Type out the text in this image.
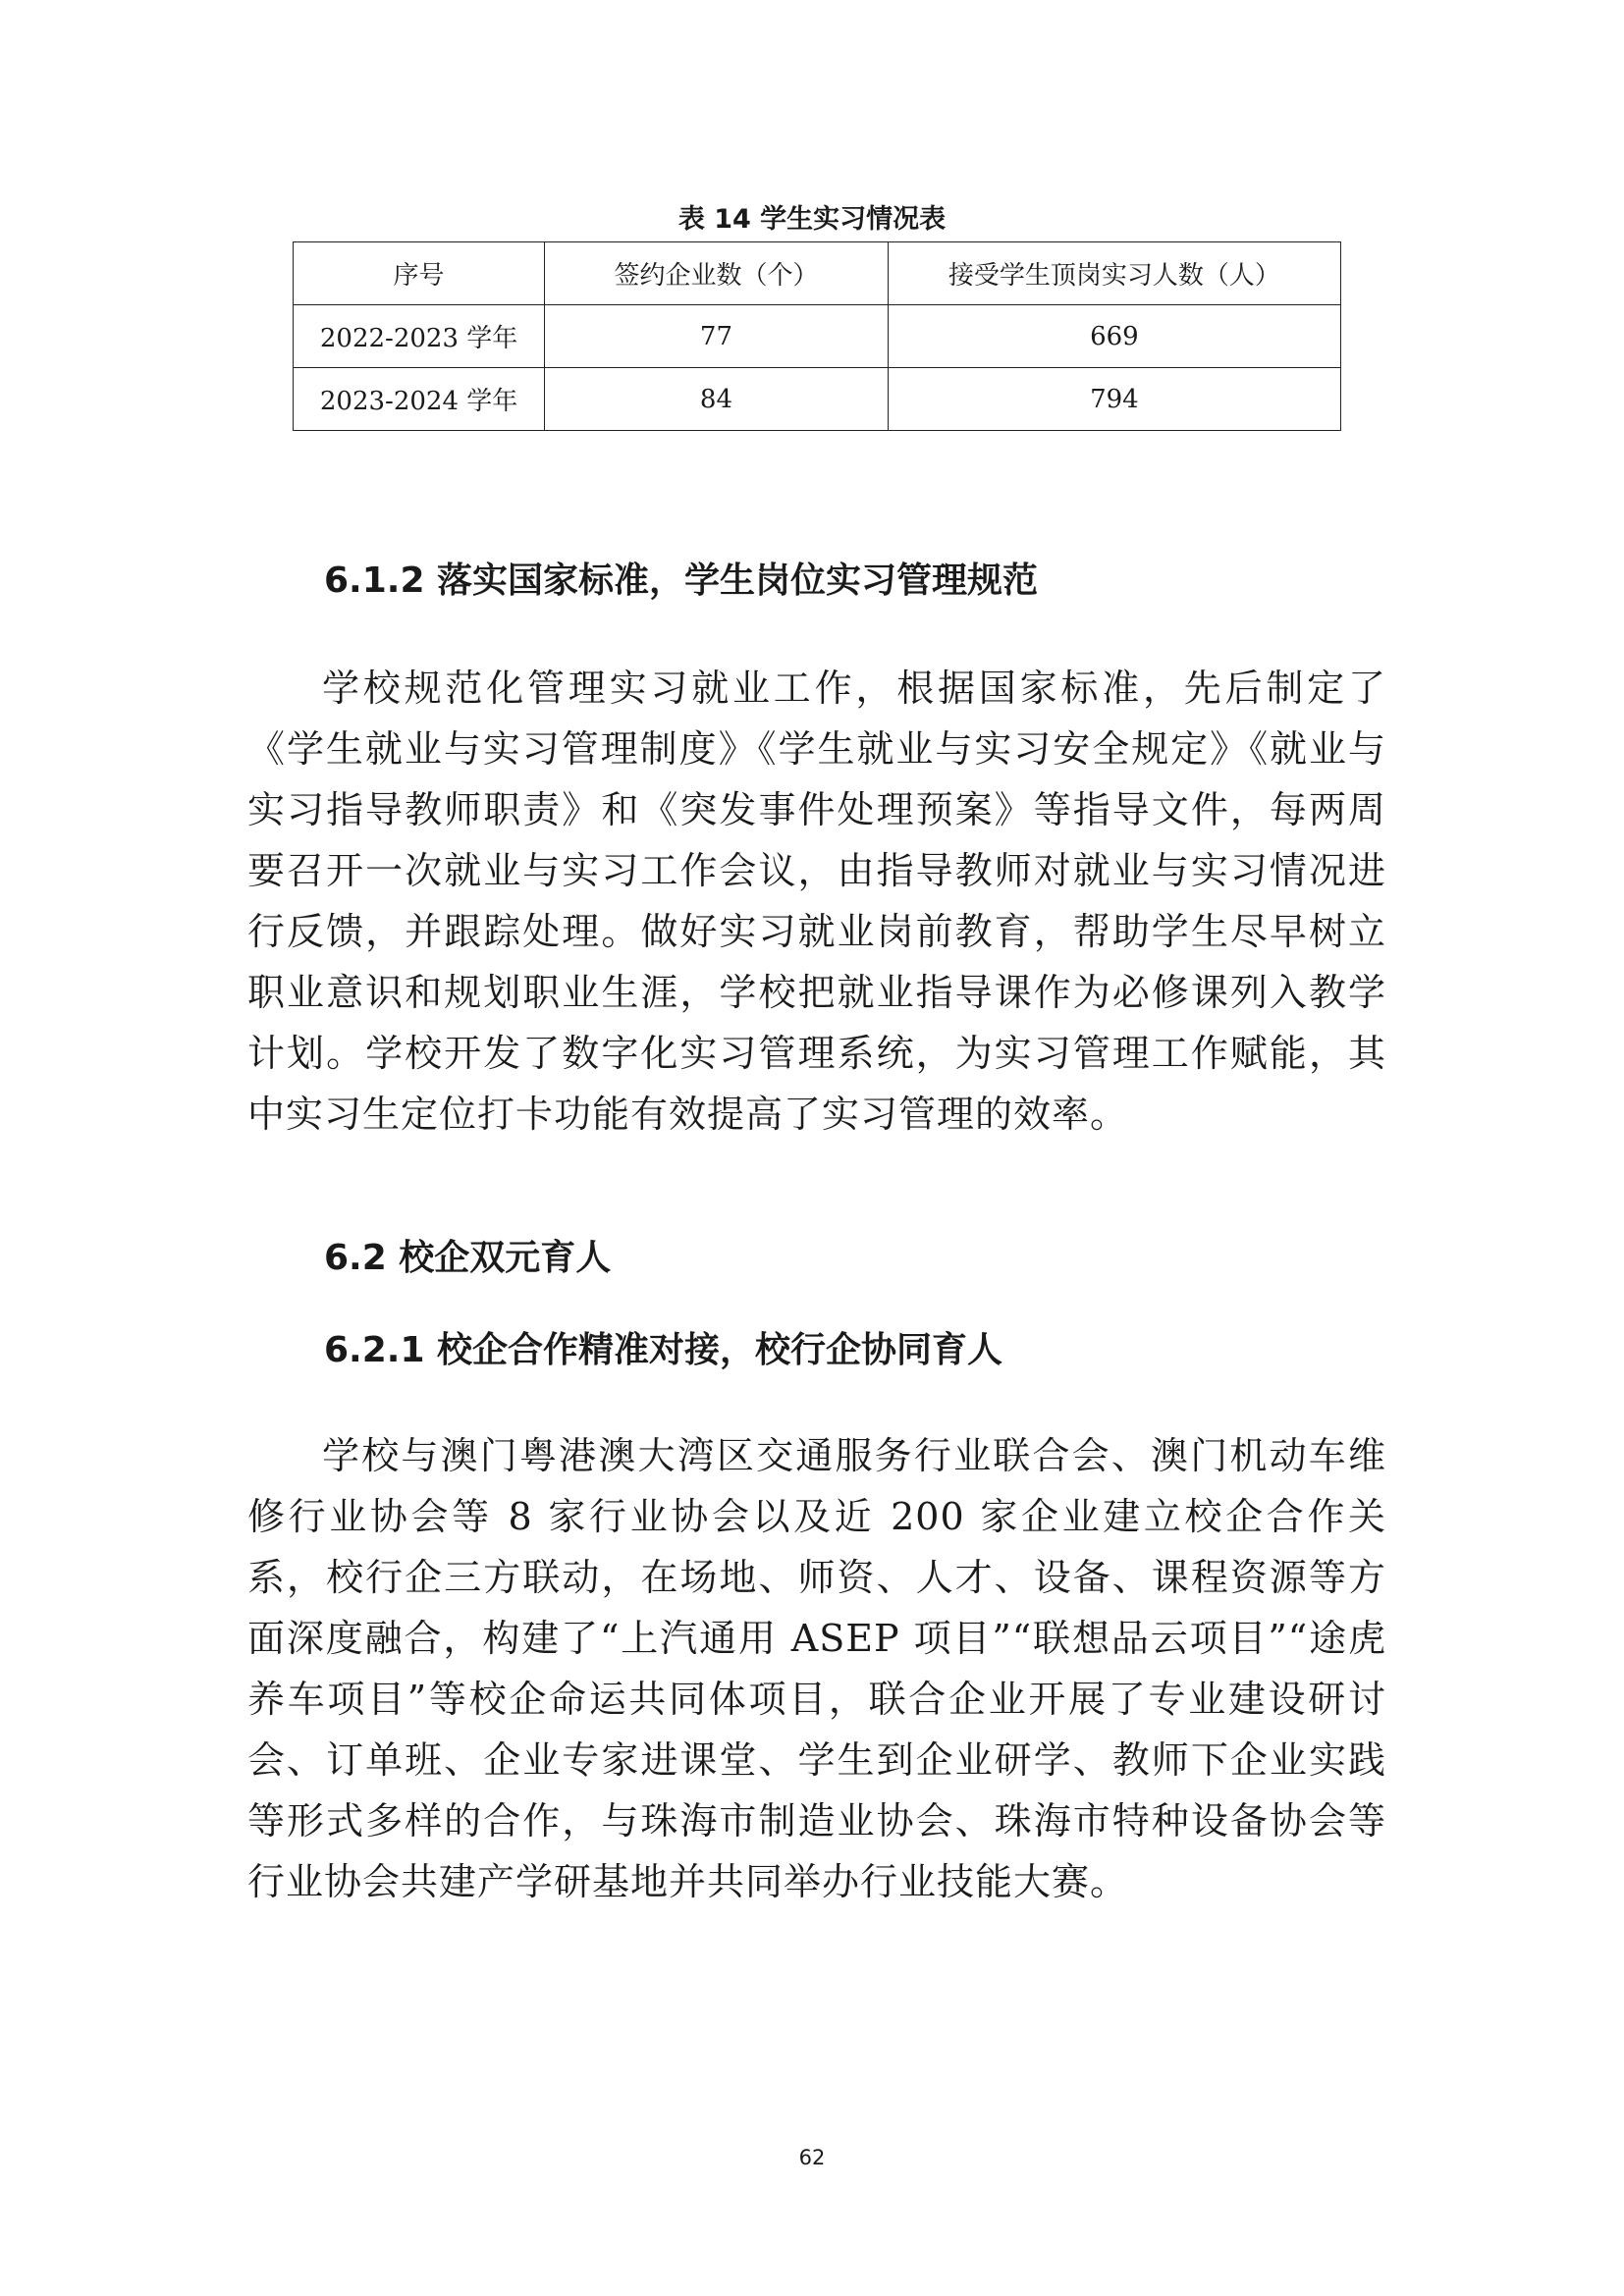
表 14 学生实习情况表
序号	签约企业数（个）	接受学生顶岗实习人数（人）
2022-2023 学年	77	669
2023-2024 学年	84	794
6.1.2 落实国家标准，学生岗位实习管理规范
学校规范化管理实习就业工作，根据国家标准，先后制定了《学生就业与实习管理制度》《学生就业与实习安全规定》《就业与实习指导教师职责》和《突发事件处理预案》等指导文件，每两周要召开一次就业与实习工作会议，由指导教师对就业与实习情况进行反馈，并跟踪处理。做好实习就业岗前教育，帮助学生尽早树立职业意识和规划职业生涯，学校把就业指导课作为必修课列入教学计划。学校开发了数字化实习管理系统，为实习管理工作赋能，其中实习生定位打卡功能有效提高了实习管理的效率。
6.2 校企双元育人
6.2.1 校企合作精准对接，校行企协同育人
学校与澳门粤港澳大湾区交通服务行业联合会、澳门机动车维修行业协会等 8 家行业协会以及近 200 家企业建立校企合作关系，校行企三方联动，在场地、师资、人才、设备、课程资源等方面深度融合，构建了“上汽通用 ASEP 项目”“联想品云项目”“途虎养车项目”等校企命运共同体项目，联合企业开展了专业建设研讨会、订单班、企业专家进课堂、学生到企业研学、教师下企业实践等形式多样的合作，与珠海市制造业协会、珠海市特种设备协会等行业协会共建产学研基地并共同举办行业技能大赛。
62
